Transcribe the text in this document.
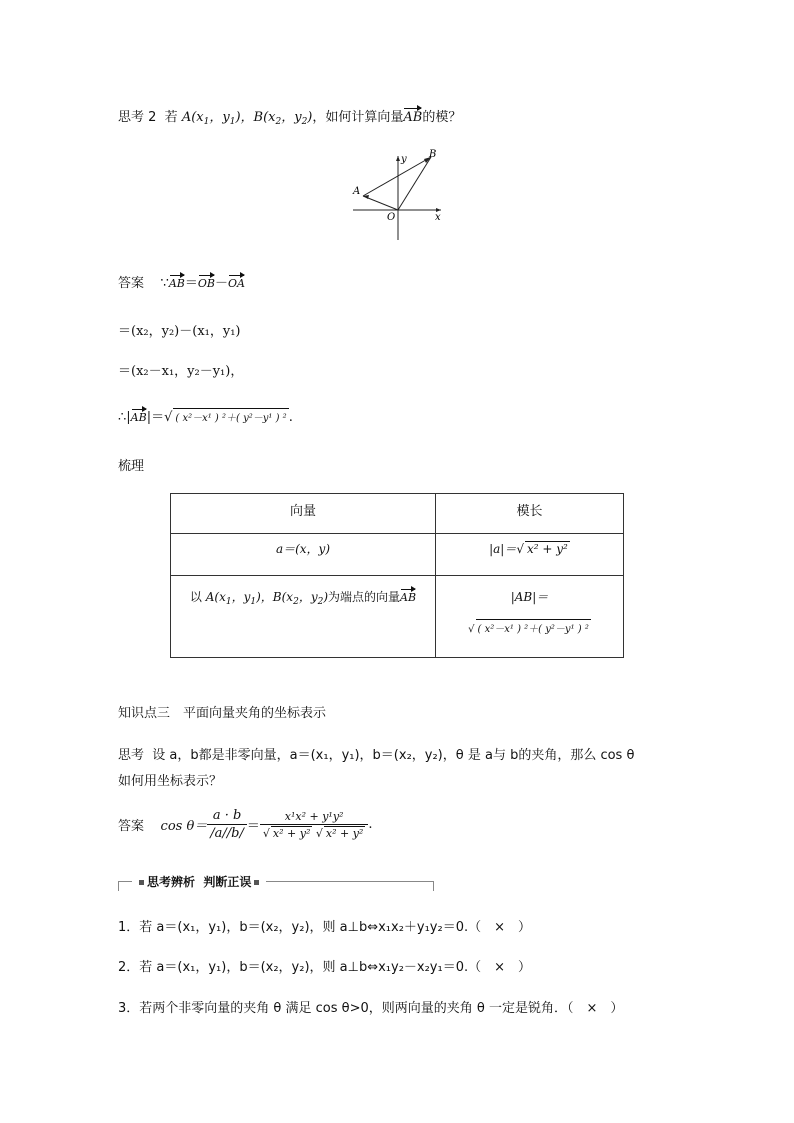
思考 2 若 $A(x_1$，$y_1$)，$B(x_2$，$y_2$)，如何计算向量AB的模？
A
B
O	x
y
答案 ∵AB＝OB－OA
＝(x₂，y₂)－(x₁，y₁)
＝(x₂－x₁，y₂－y₁)，
∴|AB|＝√ ( x²－x¹ ) ²＋( y²－y¹ ) ² .
梳理
向量	模长
a＝(x，y)	|a|＝√ x² + y²
以 $A(x_1$，$y_1$)，$B(x_2$，$y_2$)为端点的向量AB	|AB|＝
√ ( x²－x¹ ) ²＋( y²－y¹ ) ²
知识点三　平面向量夹角的坐标表示
思考 设 a，b都是非零向量，a＝(x₁，y₁)，b＝(x₂，y₂)，θ 是 a与 b的夹角，那么 cos θ
如何用坐标表示？
答案 $\cos \theta= \frac{a \cdot b}{/a//b/} = \frac{\text{x¹x² + y¹y²}}{\text{√ x² + y² √ x² + y²}}$ .
思考辨析 判断正误
1．若 a＝(x₁，y₁)，b＝(x₂，y₂)，则 a⊥b⇔x₁x₂＋y₁y₂＝0.（　×　）
2．若 a＝(x₁，y₁)，b＝(x₂，y₂)，则 a⊥b⇔x₁y₂－x₂y₁＝0.（　×　）
3．若两个非零向量的夹角 θ 满足 cos θ>0，则两向量的夹角 θ 一定是锐角．（　×　）
